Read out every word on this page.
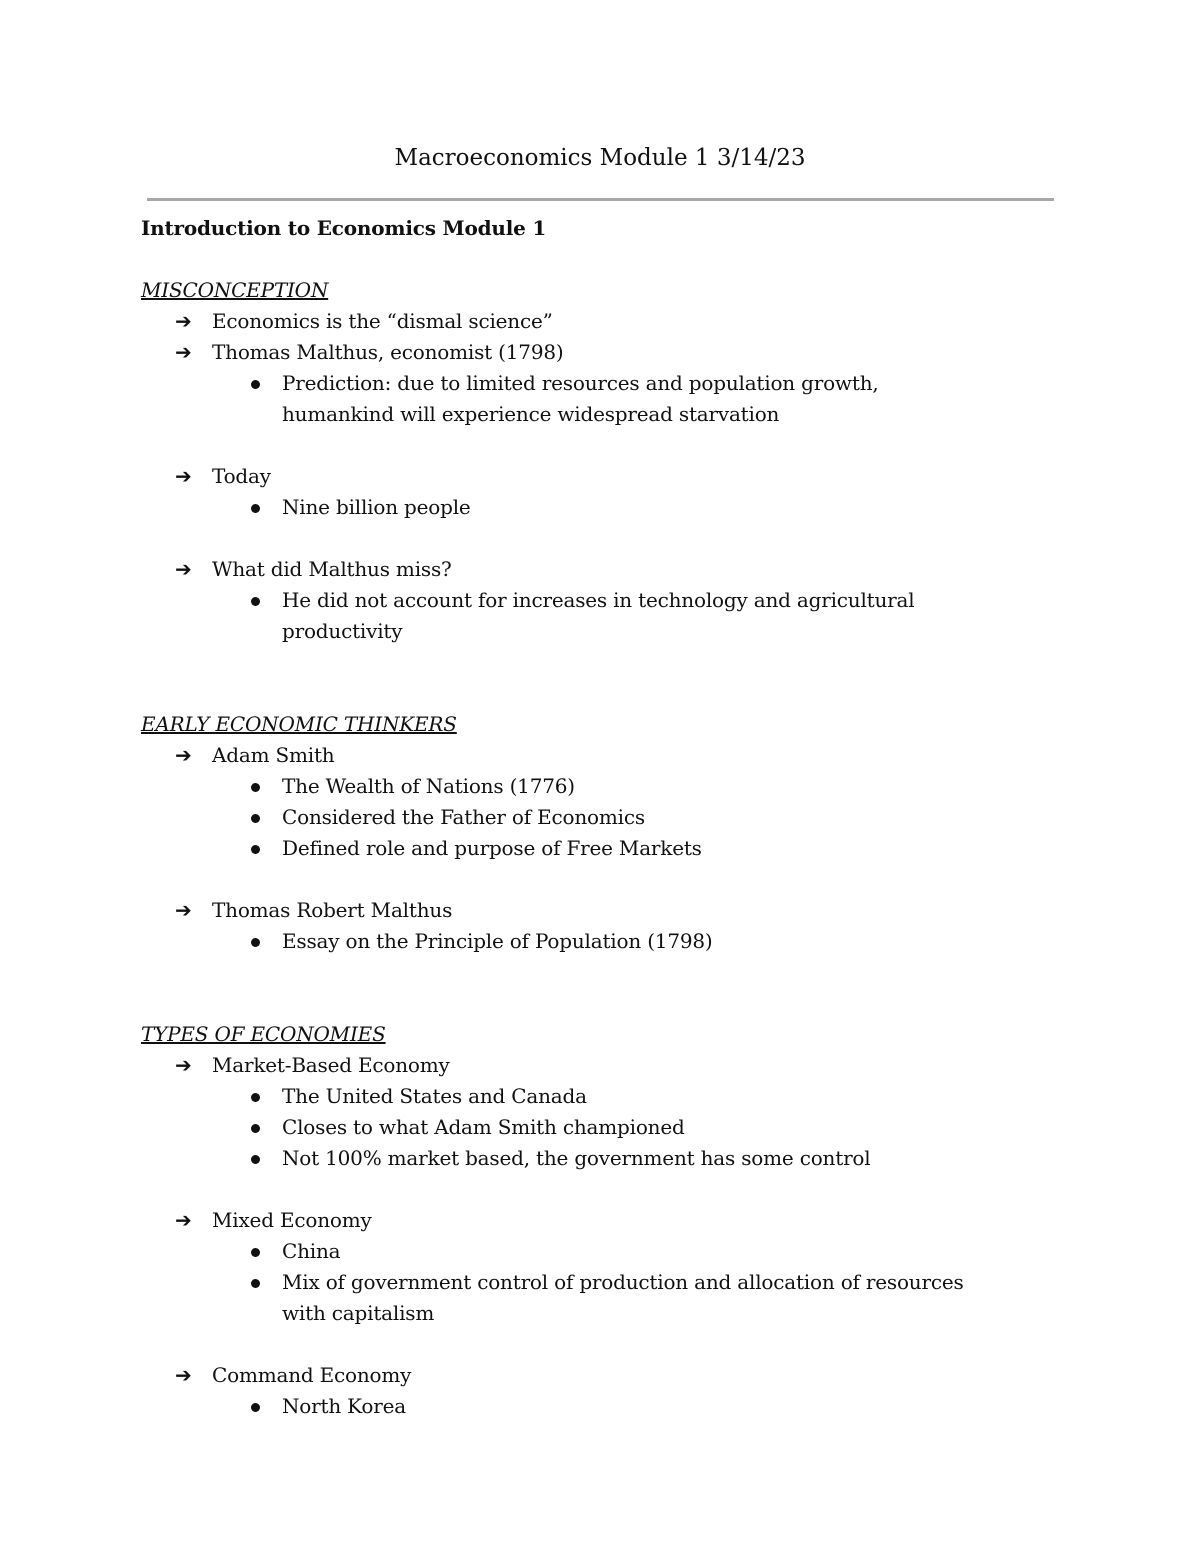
Macroeconomics Module 1 3/14/23

Introduction to Economics Module 1

MISCONCEPTION

➔ Economics is the “dismal science”
➔ Thomas Malthus, economist (1798)
Prediction: due to limited resources and population growth, humankind will experience widespread starvation
➔ Today
Nine billion people
➔ What did Malthus miss?
He did not account for increases in technology and agricultural productivity

EARLY ECONOMIC THINKERS

➔ Adam Smith
The Wealth of Nations (1776)
Considered the Father of Economics
Defined role and purpose of Free Markets
➔ Thomas Robert Malthus
Essay on the Principle of Population (1798)

TYPES OF ECONOMIES

➔ Market-Based Economy
The United States and Canada
Closes to what Adam Smith championed
Not 100% market based, the government has some control
➔ Mixed Economy
China
Mix of government control of production and allocation of resources with capitalism
➔ Command Economy
North Korea
